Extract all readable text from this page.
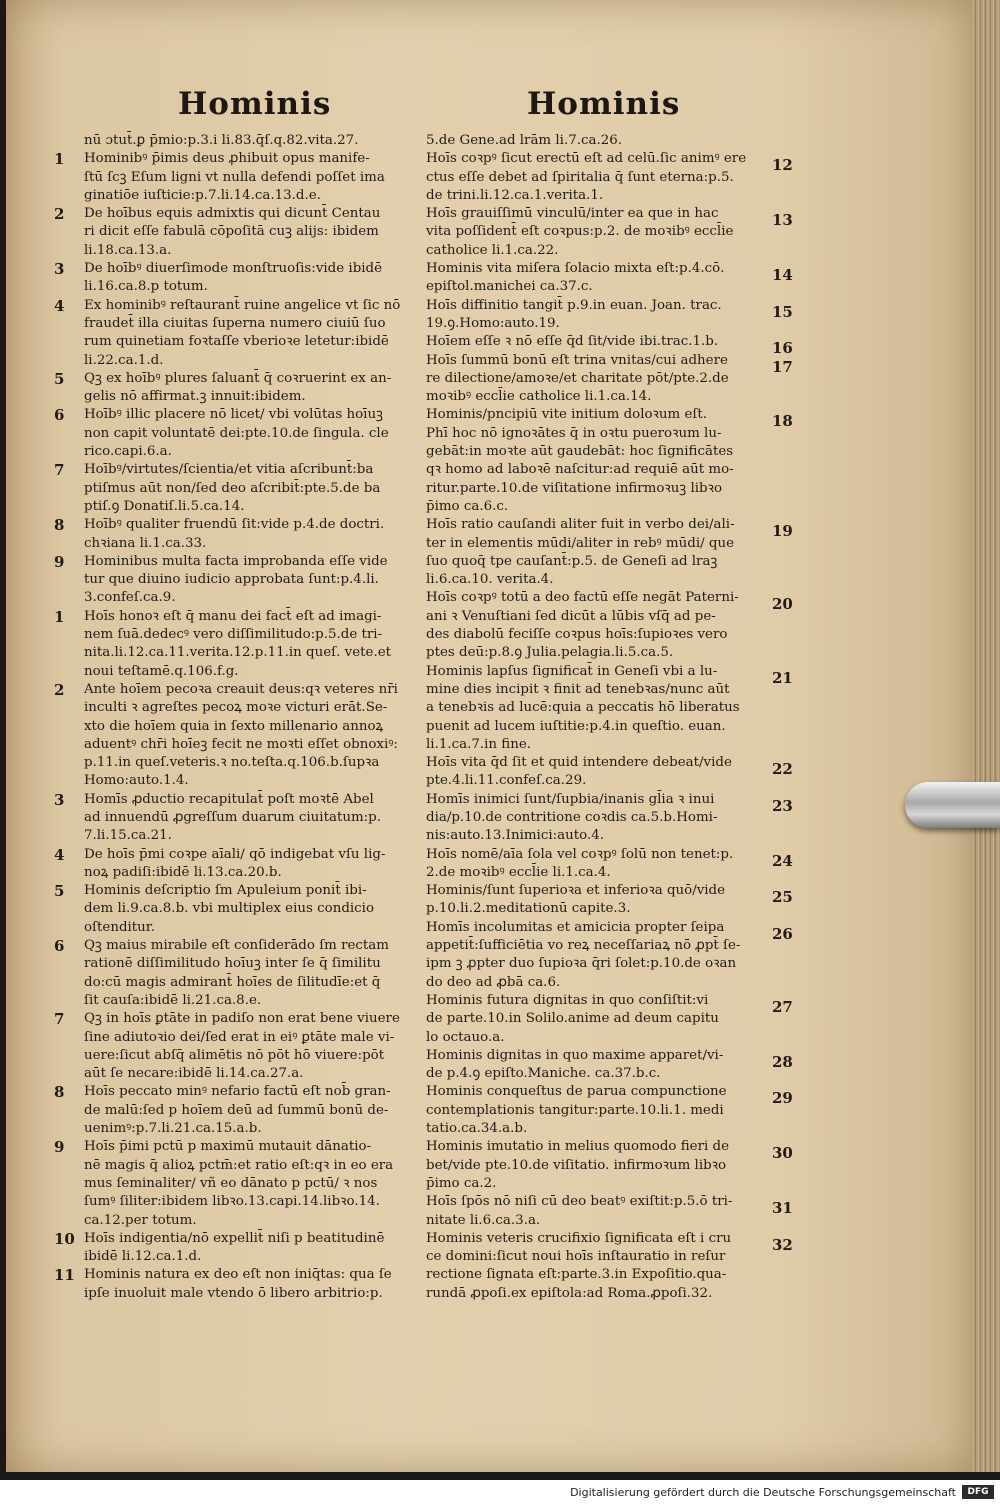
Hominis	Hominis
nū ɔtut̄.ꝑ p̄mio:p.3.i li.83.q̄ſ.q.82.vita.27.
1 Hominibꝰ p̄imis deus ꝓhibuit opus manife-
ſtū ſcꝫ Eſum ligni vt nulla defendi poſſet ima
ginatiōe iuſticie:p.7.li.14.ca.13.d.e.
2 De hoībus equis admixtis qui dicunt̄ Centau
ri dicit eſſe fabulā cōpoſitā cuꝫ alijs: ibidem
li.18.ca.13.a.
3 De hoībꝰ diuerſimode monſtruoſis:vide ibidē
li.16.ca.8.p totum.
4 Ex hominibꝰ reſtaurant̄ ruine angelice vt ſic nō
fraudet̄ illa ciuitas ſuperna numero ciuiū ſuo
rum quinetiam foꝛtaſſe vberioꝛe letetur:ibidē
li.22.ca.1.d.
5 Qꝫ ex hoībꝰ plures ſaluant̄ q̄ coꝛruerint ex an-
gelis nō affirmat.ꝫ innuit:ibidem.
6 Hoībꝰ illic placere nō licet/ vbi volūtas hoīuꝫ
non capit voluntatē dei:pte.10.de ſingula. cle
rico.capi.6.a.
7 Hoībꝰ/virtutes/ſcientia/et vitia aſcribunt̄:ba
ptiſmus aūt non/ſed deo aſcribit̄:pte.5.de ba
ptiſ.ꝯ Donatiſ.li.5.ca.14.
8 Hoībꝰ qualiter fruendū ſit:vide p.4.de doctri.
chꝛiana li.1.ca.33.
9 Hominibus multa facta improbanda eſſe vide
tur que diuino iudicio approbata ſunt:p.4.li.
3.confeſ.ca.9.
1 Hoīs honoꝛ eſt q̄ manu dei fact̄ eſt ad imagi-
nem ſuā.dedecꝰ vero diſſimilitudo:p.5.de tri-
nita.li.12.ca.11.verita.12.p.11.in queſ. vete.et
noui teſtamē.q.106.f.g.
2 Ante hoīem pecoꝛa creauit deus:qꝛ veteres nr̄i
inculti ꝛ agreſtes pecoꝝ moꝛe victuri erāt.Se-
xto die hoīem quia in ſexto millenario annoꝝ
aduentꝰ chr̄i hoīeꝫ fecit ne moꝛti eſſet obnoxiꝰ:
p.11.in queſ.veteris.ꝛ no.teſta.q.106.b.ſupꝛa
Homo:auto.1.4.
3 Homīs ꝓductio recapitulat̄ poſt moꝛtē Abel
ad innuendū ꝓgreſſum duarum ciuitatum:p.
7.li.15.ca.21.
4 De hoīs p̄mi coꝛpe aīali/ qō indigebat vſu lig-
noꝝ padiſi:ibidē li.13.ca.20.b.
5 Hominis deſcriptio ſm Apuleium ponit̄ ibi-
dem li.9.ca.8.b. vbi multiplex eius condicio
oſtenditur.
6 Qꝫ maius mirabile eſt conſiderādo ſm rectam
rationē diſſimilitudo hoīuꝫ inter ſe q̄ ſimilitu
do:cū magis admirant̄ hoīes de ſilitudīe:et q̄
ſit cauſa:ibidē li.21.ca.8.e.
7 Qꝫ in hoīs ꝑtāte in padiſo non erat bene viuere
ſine adiutoꝛio dei/ſed erat in eiꝰ ꝑtāte male vi-
uere:ſicut abſq̄ alimētis nō pōt hō viuere:pōt
aūt ſe necare:ibidē li.14.ca.27.a.
8 Hoīs peccato minꝰ nefario factū eſt nob̄ gran-
de malū:ſed p hoīem deū ad ſummū bonū de-
uenimꝰ:p.7.li.21.ca.15.a.b.
9 Hoīs p̄imi pctū p maximū mutauit dānatio-
nē magis q̄ alioꝝ pctm̄:et ratio eſt:qꝛ in eo era
mus ſeminaliter/ vñ eo dānato p pctū/ ꝛ nos
ſumꝰ ſiliter:ibidem libꝛo.13.capi.14.libꝛo.14.
ca.12.per totum.
10 Hoīs indigentia/nō expellit̄ niſi p beatitudinē
ibidē li.12.ca.1.d.
11 Hominis natura ex deo eſt non iniq̄tas: qua ſe
ipſe inuoluit male vtendo ō libero arbitrio:p.
5.de Gene.ad lrām li.7.ca.26.
12
Hoīs coꝛpꝰ ſicut erectū eſt ad celū.ſic animꝰ ere
ctus eſſe debet ad ſpiritalia q̄ ſunt eterna:p.5.
de trini.li.12.ca.1.verita.1.
13
Hoīs grauiſſimū vinculū/inter ea que in hac
vita poſſident̄ eſt coꝛpus:p.2. de moꝛibꝰ eccl̄ie
catholice li.1.ca.22.
14
Hominis vita miſera ſolacio mixta eſt:p.4.cō.
epiſtol.manichei ca.37.c.
15
Hoīs diffinitio tangit̄ p.9.in euan. Joan. trac.
19.ꝯ.Homo:auto.19.
16
Hoīem eſſe ꝛ nō eſſe q̄d ſit/vide ibi.trac.1.b.
17
Hoīs ſummū bonū eſt trina vnitas/cui adhere
re dilectione/amoꝛe/et charitate pōt/pte.2.de
moꝛibꝰ eccl̄ie catholice li.1.ca.14.
18
Hominis/pncipiū vite initium doloꝛum eſt.
Phī hoc nō ignoꝛātes q̄ in oꝛtu pueroꝛum lu-
gebāt:in moꝛte aūt gaudebāt: hoc ſignificātes
qꝛ homo ad laboꝛē naſcitur:ad requiē aūt mo-
ritur.parte.10.de viſitatione infirmoꝛuꝫ libꝛo
p̄imo ca.6.c.
19
Hoīs ratio cauſandi aliter fuit in verbo dei/ali-
ter in elementis mūdi/aliter in rebꝰ mūdi/ que
ſuo quoq̄ tpe cauſant̄:p.5. de Geneſi ad lraꝫ
li.6.ca.10. verita.4.
20
Hoīs coꝛpꝰ totū a deo factū eſſe negāt Paterni-
ani ꝛ Venuſtiani ſed dicūt a lūbis vſq̄ ad pe-
des diabolū feciſſe coꝛpus hoīs:ſupioꝛes vero
ptes deū:p.8.ꝯ Julia.pelagia.li.5.ca.5.
21
Hominis lapſus ſignificat̄ in Geneſi vbi a lu-
mine dies incipit ꝛ finit ad tenebꝛas/nunc aūt
a tenebꝛis ad lucē:quia a peccatis hō liberatus
puenit ad lucem iuſtitie:p.4.in queſtio. euan.
li.1.ca.7.in fine.
22
Hoīs vita q̄d ſit et quid intendere debeat/vide
pte.4.li.11.confeſ.ca.29.
23
Homīs inimici ſunt/ſupbia/inanis gl̄ia ꝛ inui
dia/p.10.de contritione coꝛdis ca.5.b.Homi-
nis:auto.13.Inimici:auto.4.
24
Hoīs nomē/aīa ſola vel coꝛpꝰ ſolū non tenet:p.
2.de moꝛibꝰ eccl̄ie li.1.ca.4.
25
Hominis/ſunt ſuperioꝛa et inferioꝛa quō/vide
p.10.li.2.meditationū capite.3.
26
Homīs incolumitas et amicicia propter ſeipa
appetit̄:ſufficiētia vo reꝝ neceſſariaꝝ nō ꝓpt̄ ſe-
ipm ꝫ ꝓpter duo ſupioꝛa q̄ri ſolet:p.10.de oꝛan
do deo ad ꝓbā ca.6.
27
Hominis futura dignitas in quo conſiſtit:vi
de parte.10.in Solilo.anime ad deum capitu
lo octauo.a.
28
Hominis dignitas in quo maxime apparet/vi-
de p.4.ꝯ epiſto.Maniche. ca.37.b.c.
29
Hominis conqueſtus de parua compunctione
contemplationis tangitur:parte.10.li.1. medi
tatio.ca.34.a.b.
30
Hominis imutatio in melius quomodo fieri de
bet/vide pte.10.de viſitatio. infirmoꝛum libꝛo
p̄imo ca.2.
31
Hoīs ſpōs nō niſi cū deo beatꝰ exiſtit:p.5.ō tri-
nitate li.6.ca.3.a.
32
Hominis veteris crucifixio ſignificata eſt i cru
ce domini:ſicut noui hoīs inſtauratio in reſur
rectione ſignata eſt:parte.3.in Expoſitio.qua-
rundā ꝓpoſi.ex epiſtola:ad Roma.ꝓpoſi.32.
Digitalisierung gefördert durch die Deutsche Forschungsgemeinschaft	DFG
